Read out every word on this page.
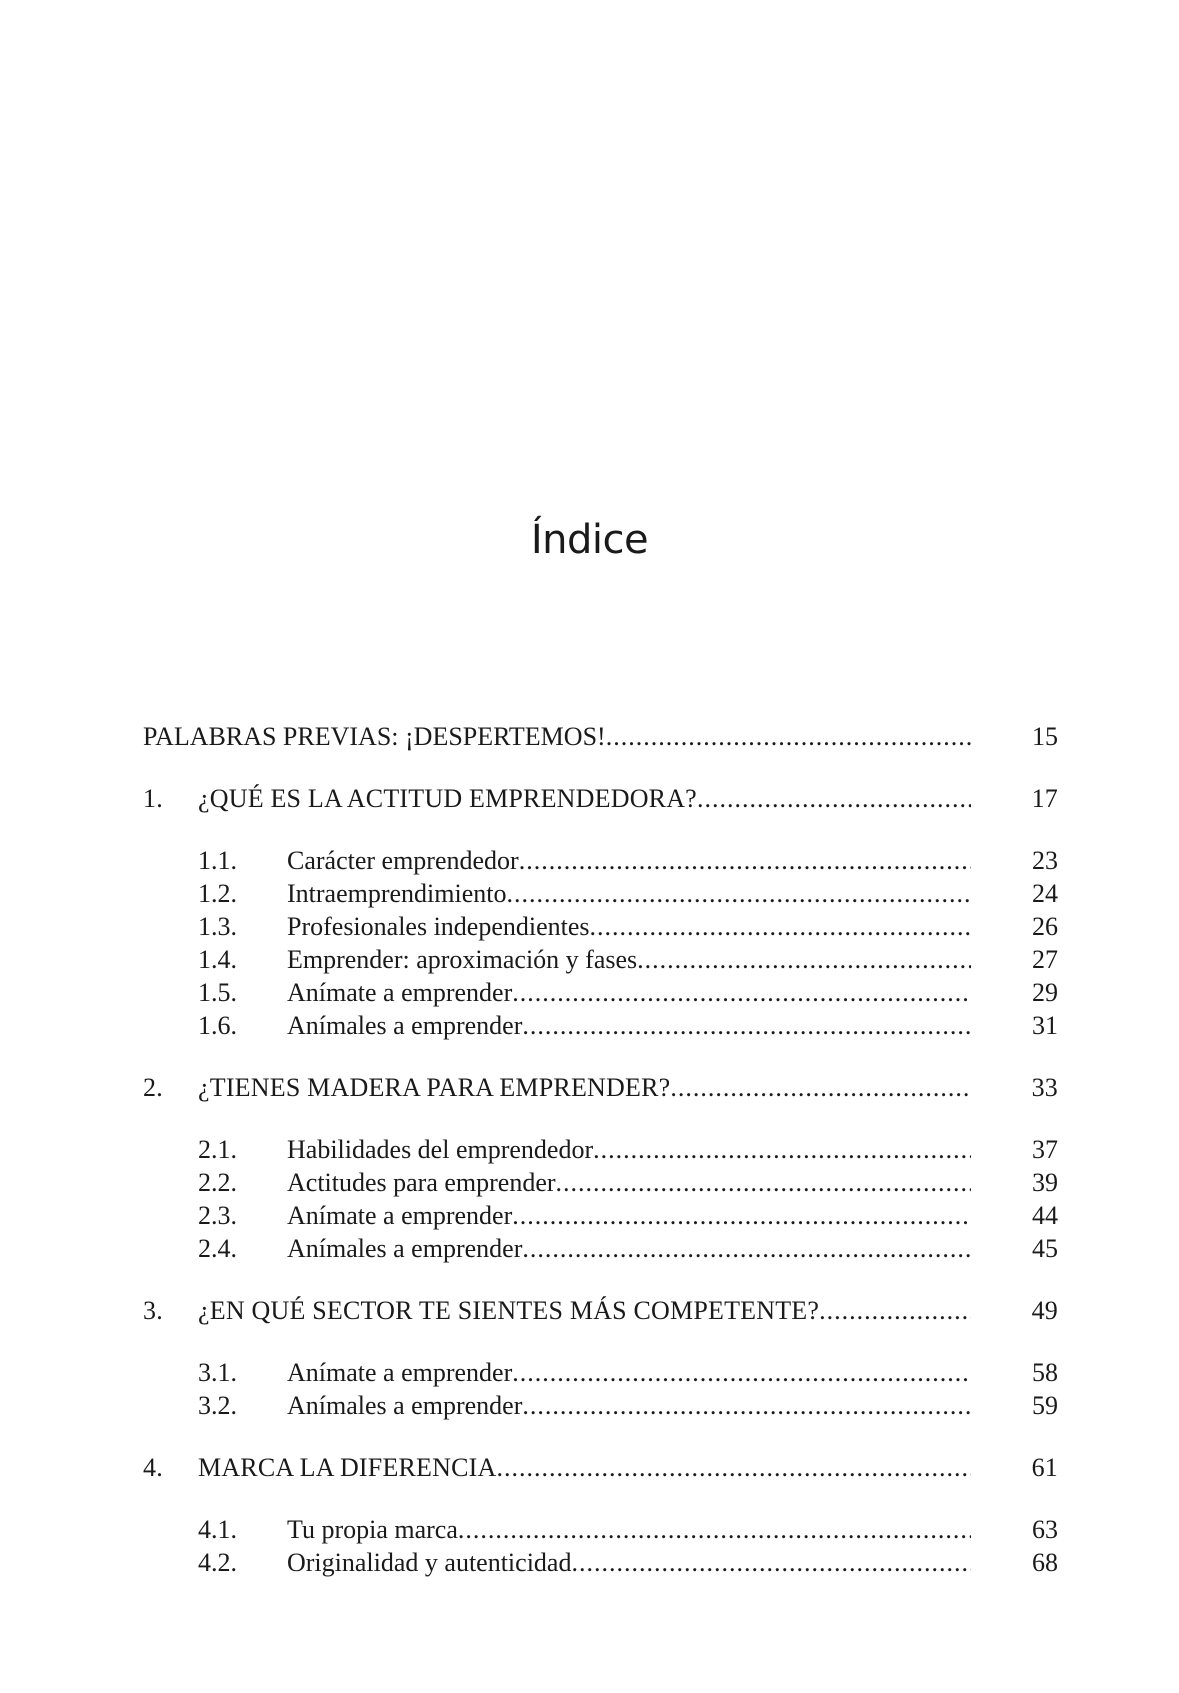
Índice
PALABRAS PREVIAS: ¡DESPERTEMOS! .....	15
1. ¿QUÉ ES LA ACTITUD EMPRENDEDORA? .....	17
1.1. Carácter emprendedor .....	23
1.2. Intraemprendimiento .....	24
1.3. Profesionales independientes .....	26
1.4. Emprender: aproximación y fases .....	27
1.5. Anímate a emprender .....	29
1.6. Anímales a emprender .....	31
2. ¿TIENES MADERA PARA EMPRENDER? .....	33
2.1. Habilidades del emprendedor .....	37
2.2. Actitudes para emprender .....	39
2.3. Anímate a emprender .....	44
2.4. Anímales a emprender .....	45
3. ¿EN QUÉ SECTOR TE SIENTES MÁS COMPETENTE? .....	49
3.1. Anímate a emprender .....	58
3.2. Anímales a emprender .....	59
4. MARCA LA DIFERENCIA .....	61
4.1. Tu propia marca .....	63
4.2. Originalidad y autenticidad .....	68
